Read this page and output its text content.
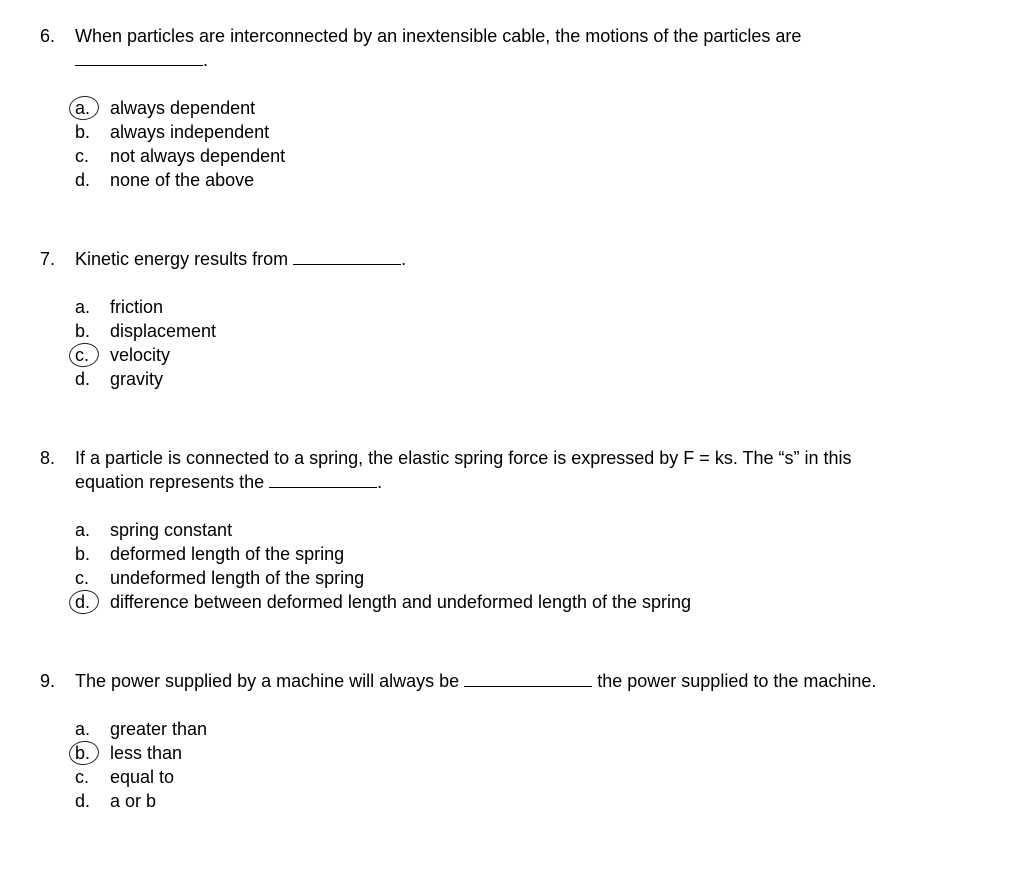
6. When particles are interconnected by an inextensible cable, the motions of the particles are
.
a.	always dependent
b.	always independent
c.	not always dependent
d.	none of the above
7. Kinetic energy results from	.
a.	friction
b.	displacement
c.	velocity
d.	gravity
8. If a particle is connected to a spring, the elastic spring force is expressed by F = ks. The “s” in this
equation represents the	.
a.	spring constant
b.	deformed length of the spring
c.	undeformed length of the spring
d.	difference between deformed length and undeformed length of the spring
9. The power supplied by a machine will always be	the power supplied to the machine.
a.	greater than
b.	less than
c.	equal to
d.	a or b
